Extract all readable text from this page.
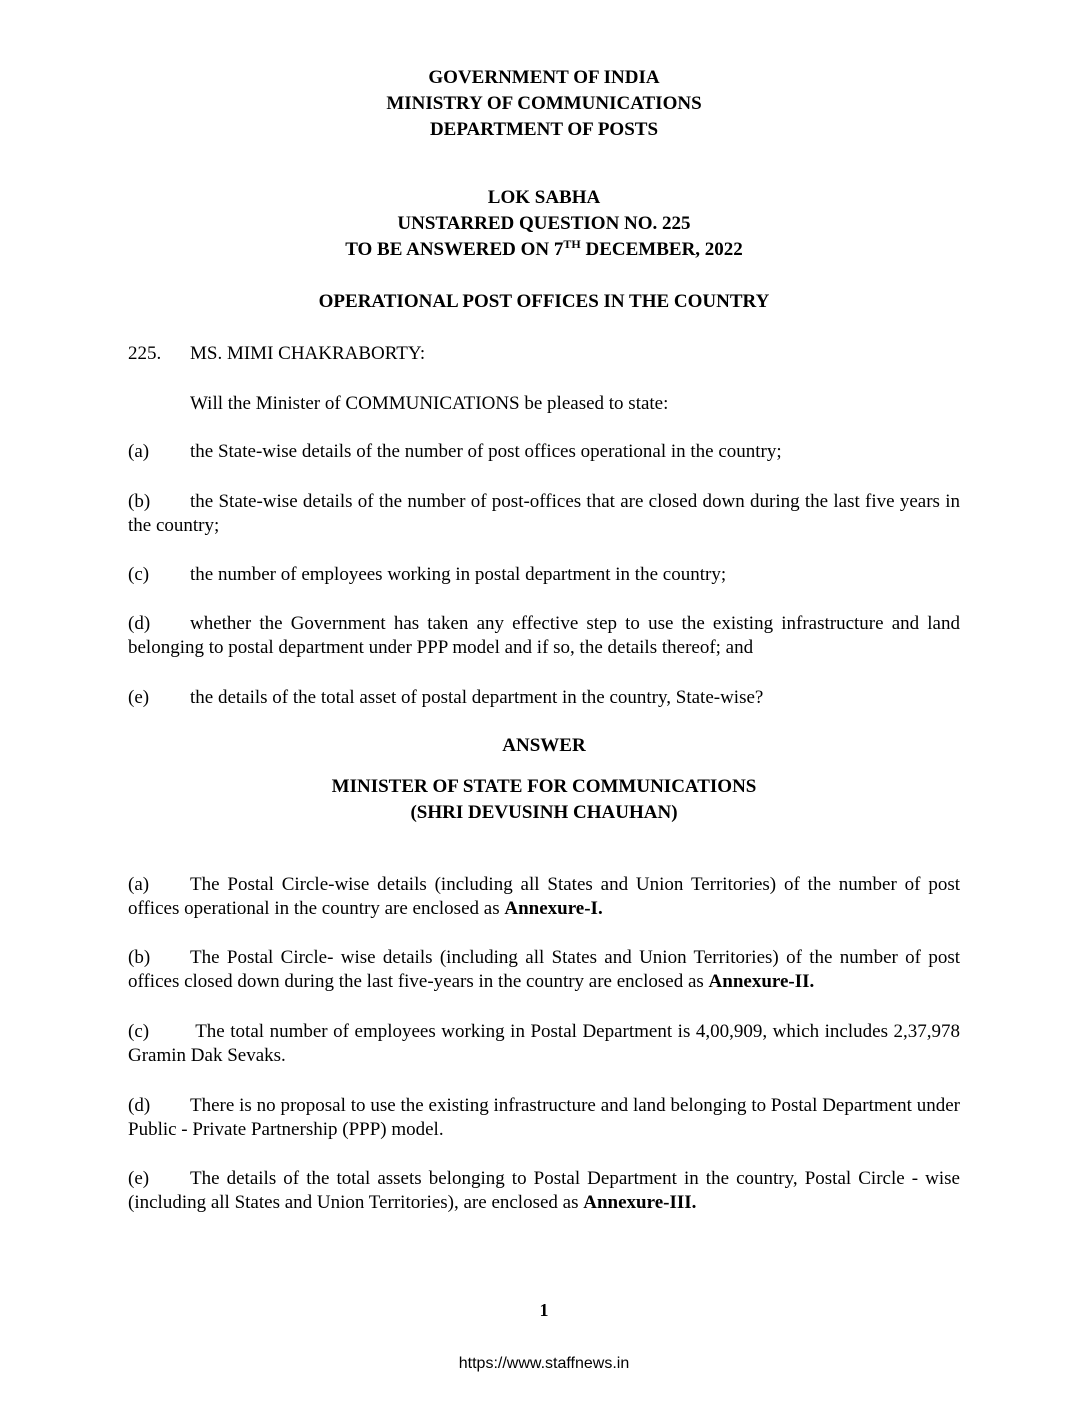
GOVERNMENT OF INDIA
MINISTRY OF COMMUNICATIONS
DEPARTMENT OF POSTS
LOK SABHA
UNSTARRED QUESTION NO. 225
TO BE ANSWERED ON 7TH DECEMBER, 2022
OPERATIONAL POST OFFICES IN THE COUNTRY
225. MS. MIMI CHAKRABORTY:
Will the Minister of COMMUNICATIONS be pleased to state:
(a) the State-wise details of the number of post offices operational in the country;
(b) the State-wise details of the number of post-offices that are closed down during the last five years in the country;
(c) the number of employees working in postal department in the country;
(d) whether the Government has taken any effective step to use the existing infrastructure and land belonging to postal department under PPP model and if so, the details thereof; and
(e) the details of the total asset of postal department in the country, State-wise?
ANSWER
MINISTER OF STATE FOR COMMUNICATIONS
(SHRI DEVUSINH CHAUHAN)
(a) The Postal Circle-wise details (including all States and Union Territories) of the number of post offices operational in the country are enclosed as Annexure-I.
(b) The Postal Circle- wise details (including all States and Union Territories) of the number of post offices closed down during the last five-years in the country are enclosed as Annexure-II.
(c) The total number of employees working in Postal Department is 4,00,909, which includes 2,37,978 Gramin Dak Sevaks.
(d) There is no proposal to use the existing infrastructure and land belonging to Postal Department under Public - Private Partnership (PPP) model.
(e) The details of the total assets belonging to Postal Department in the country, Postal Circle - wise (including all States and Union Territories), are enclosed as Annexure-III.
1
https://www.staffnews.in
